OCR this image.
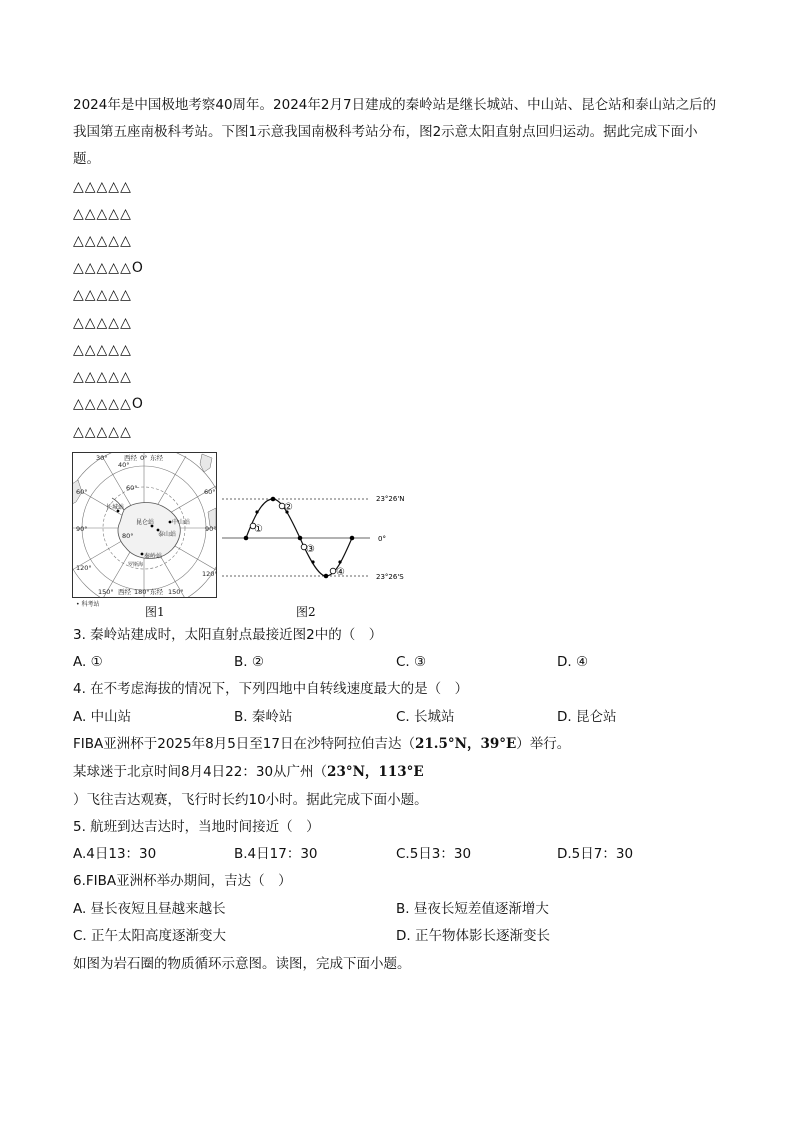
2024年是中国极地考察40周年。2024年2月7日建成的秦岭站是继长城站、中山站、昆仑站和泰山站之后的
我国第五座南极科考站。下图1示意我国南极科考站分布，图2示意太阳直射点回归运动。据此完成下面小
题。
△△△△△
△△△△△
△△△△△
△△△△△O
△△△△△
△△△△△
△△△△△
△△△△△
△△△△△O
△△△△△
西经 0° 东经
30°
40°
60°	60°
60°
90°	90°
80°
120°
120°
150°	150°
西经 180° 东经
长城站
昆仑站
泰山站
中山站
秦岭站
罗斯海
• 科考站
23°26'N
0°
23°26'S
①
②
③
④
图1	图2
3. 秦岭站建成时，太阳直射点最接近图2中的（　）
A. ①	B. ②	C. ③	D. ④
4. 在不考虑海拔的情况下，下列四地中自转线速度最大的是（　）
A. 中山站	B. 秦岭站	C. 长城站	D. 昆仑站
FIBA亚洲杯于2025年8月5日至17日在沙特阿拉伯吉达（21.5°N，39°E）举行。
某球迷于北京时间8月4日22：30从广州（23°N，113°E
）飞往吉达观赛，飞行时长约10小时。据此完成下面小题。
5. 航班到达吉达时，当地时间接近（　）
A.4日13：30	B.4日17：30	C.5日3：30	D.5日7：30
6.FIBA亚洲杯举办期间，吉达（　）
A. 昼长夜短且昼越来越长	B. 昼夜长短差值逐渐增大
C. 正午太阳高度逐渐变大	D. 正午物体影长逐渐变长
如图为岩石圈的物质循环示意图。读图，完成下面小题。
